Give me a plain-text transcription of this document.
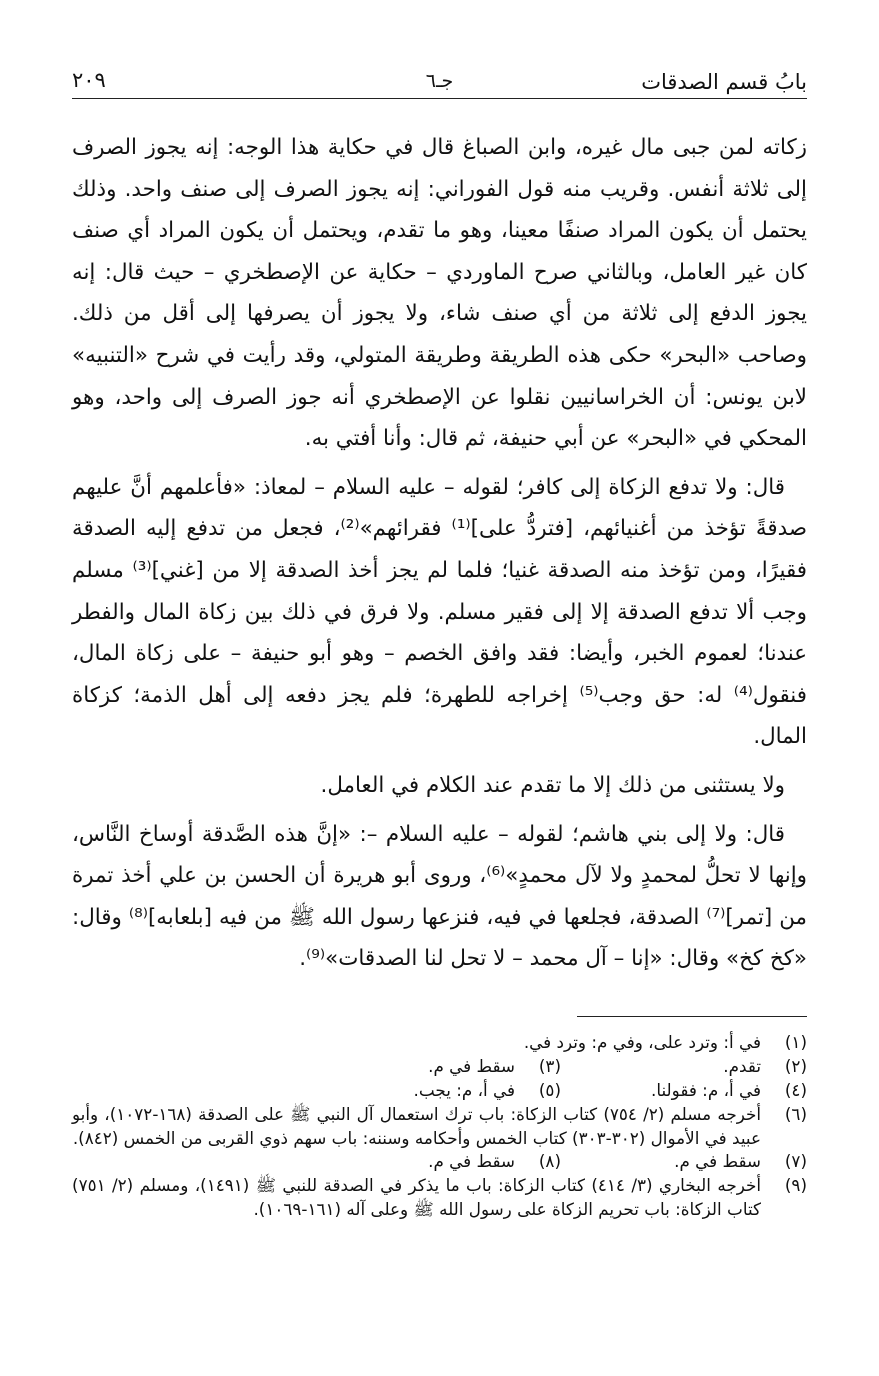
بابُ قسم الصدقات
جـ٦
٢٠٩

زكاته لمن جبى مال غيره، وابن الصباغ قال في حكاية هذا الوجه: إنه يجوز الصرف إلى ثلاثة أنفس. وقريب منه قول الفوراني: إنه يجوز الصرف إلى صنف واحد. وذلك يحتمل أن يكون المراد صنفًا معينا، وهو ما تقدم، ويحتمل أن يكون المراد أي صنف كان غير العامل، وبالثاني صرح الماوردي – حكاية عن الإصطخري – حيث قال: إنه يجوز الدفع إلى ثلاثة من أي صنف شاء، ولا يجوز أن يصرفها إلى أقل من ذلك. وصاحب «البحر» حكى هذه الطريقة وطريقة المتولي، وقد رأيت في شرح «التنبيه» لابن يونس: أن الخراسانيين نقلوا عن الإصطخري أنه جوز الصرف إلى واحد، وهو المحكي في «البحر» عن أبي حنيفة، ثم قال: وأنا أفتي به.

قال: ولا تدفع الزكاة إلى كافر؛ لقوله – عليه السلام – لمعاذ: «فأعلمهم أنَّ عليهم صدقةً تؤخذ من أغنيائهم، [فتردُّ على]⁽¹⁾ فقرائهم»⁽²⁾، فجعل من تدفع إليه الصدقة فقيرًا، ومن تؤخذ منه الصدقة غنيا؛ فلما لم يجز أخذ الصدقة إلا من [غني]⁽³⁾ مسلم وجب ألا تدفع الصدقة إلا إلى فقير مسلم. ولا فرق في ذلك بين زكاة المال والفطر عندنا؛ لعموم الخبر، وأيضا: فقد وافق الخصم – وهو أبو حنيفة – على زكاة المال، فنقول⁽⁴⁾ له: حق وجب⁽⁵⁾ إخراجه للطهرة؛ فلم يجز دفعه إلى أهل الذمة؛ كزكاة المال.

ولا يستثنى من ذلك إلا ما تقدم عند الكلام في العامل.

قال: ولا إلى بني هاشم؛ لقوله – عليه السلام –: «إنَّ هذه الصَّدقة أوساخ النَّاس، وإنها لا تحلُّ لمحمدٍ ولا لآل محمدٍ»⁽⁶⁾، وروى أبو هريرة أن الحسن بن علي أخذ تمرة من [تمر]⁽⁷⁾ الصدقة، فجلعها في فيه، فنزعها رسول الله ﷺ من فيه [بلعابه]⁽⁸⁾ وقال: «كخ كخ» وقال: «إنا – آل محمد – لا تحل لنا الصدقات»⁽⁹⁾.

(١)
في أ: وترد على، وفي م: وترد في.
(٢)
تقدم.
(٣)
سقط في م.
(٤)
في أ، م: فقولنا.
(٥)
في أ، م: يجب.
(٦)
أخرجه مسلم (٢/ ٧٥٤) كتاب الزكاة: باب ترك استعمال آل النبي ﷺ على الصدقة (١٦٨-١٠٧٢)، وأبو عبيد في الأموال (٣٠٢-٣٠٣) كتاب الخمس وأحكامه وسننه: باب سهم ذوي القربى من الخمس (٨٤٢).
(٧)
سقط في م.
(٨)
سقط في م.
(٩)
أخرجه البخاري (٣/ ٤١٤) كتاب الزكاة: باب ما يذكر في الصدقة للنبي ﷺ (١٤٩١)، ومسلم (٢/ ٧٥١) كتاب الزكاة: باب تحريم الزكاة على رسول الله ﷺ وعلى آله (١٦١-١٠٦٩).
